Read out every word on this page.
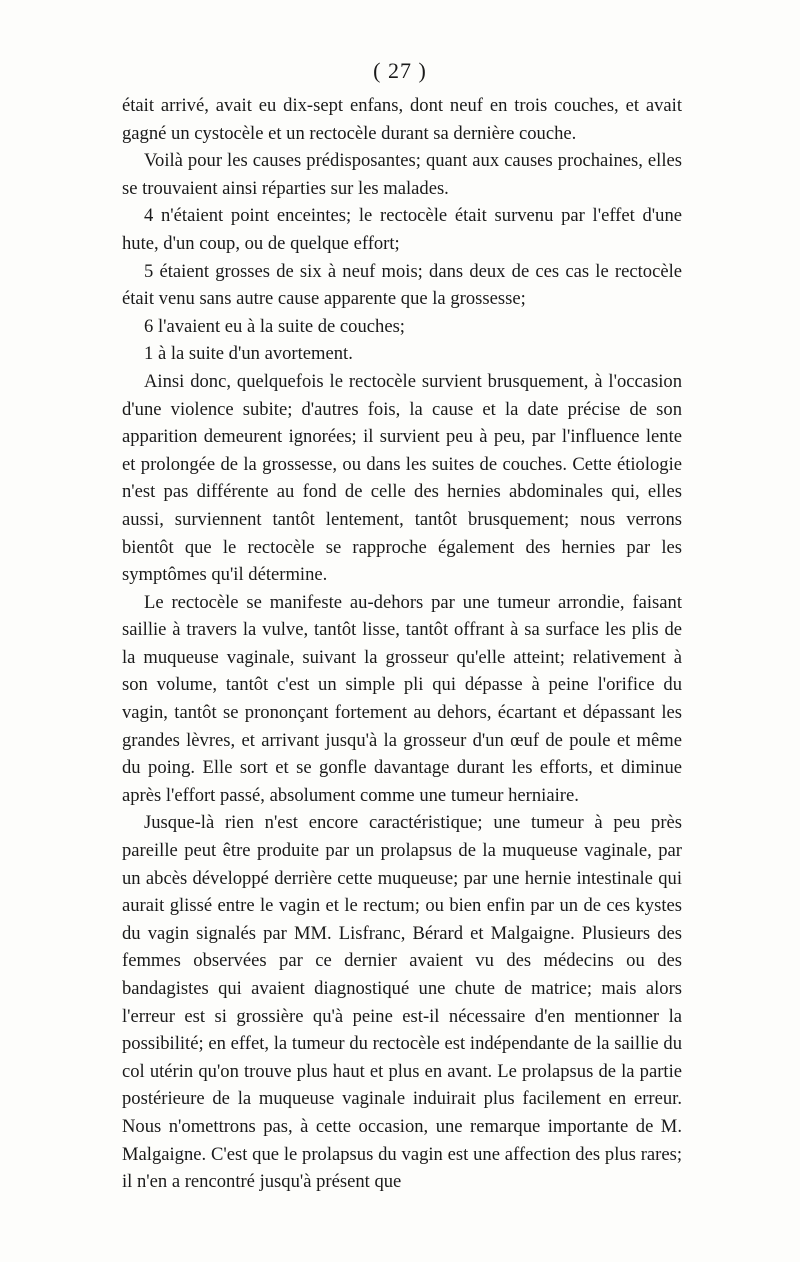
( 27 )

était arrivé, avait eu dix-sept enfans, dont neuf en trois couches, et avait gagné un cystocèle et un rectocèle durant sa dernière couche.

Voilà pour les causes prédisposantes; quant aux causes prochaines, elles se trouvaient ainsi réparties sur les malades.

4 n'étaient point enceintes; le rectocèle était survenu par l'effet d'une hute, d'un coup, ou de quelque effort;

5 étaient grosses de six à neuf mois; dans deux de ces cas le rectocèle était venu sans autre cause apparente que la grossesse;

6 l'avaient eu à la suite de couches;

1 à la suite d'un avortement.

Ainsi donc, quelquefois le rectocèle survient brusquement, à l'occasion d'une violence subite; d'autres fois, la cause et la date précise de son apparition demeurent ignorées; il survient peu à peu, par l'influence lente et prolongée de la grossesse, ou dans les suites de couches. Cette étiologie n'est pas différente au fond de celle des hernies abdominales qui, elles aussi, surviennent tantôt lentement, tantôt brusquement; nous verrons bientôt que le rectocèle se rapproche également des hernies par les symptômes qu'il détermine.

Le rectocèle se manifeste au-dehors par une tumeur arrondie, faisant saillie à travers la vulve, tantôt lisse, tantôt offrant à sa surface les plis de la muqueuse vaginale, suivant la grosseur qu'elle atteint; relativement à son volume, tantôt c'est un simple pli qui dépasse à peine l'orifice du vagin, tantôt se prononçant fortement au dehors, écartant et dépassant les grandes lèvres, et arrivant jusqu'à la grosseur d'un œuf de poule et même du poing. Elle sort et se gonfle davantage durant les efforts, et diminue après l'effort passé, absolument comme une tumeur herniaire.

Jusque-là rien n'est encore caractéristique; une tumeur à peu près pareille peut être produite par un prolapsus de la muqueuse vaginale, par un abcès développé derrière cette muqueuse; par une hernie intestinale qui aurait glissé entre le vagin et le rectum; ou bien enfin par un de ces kystes du vagin signalés par MM. Lisfranc, Bérard et Malgaigne. Plusieurs des femmes observées par ce dernier avaient vu des médecins ou des bandagistes qui avaient diagnostiqué une chute de matrice; mais alors l'erreur est si grossière qu'à peine est-il nécessaire d'en mentionner la possibilité; en effet, la tumeur du rectocèle est indépendante de la saillie du col utérin qu'on trouve plus haut et plus en avant. Le prolapsus de la partie postérieure de la muqueuse vaginale induirait plus facilement en erreur. Nous n'omettrons pas, à cette occasion, une remarque importante de M. Malgaigne. C'est que le prolapsus du vagin est une affection des plus rares; il n'en a rencontré jusqu'à présent que
